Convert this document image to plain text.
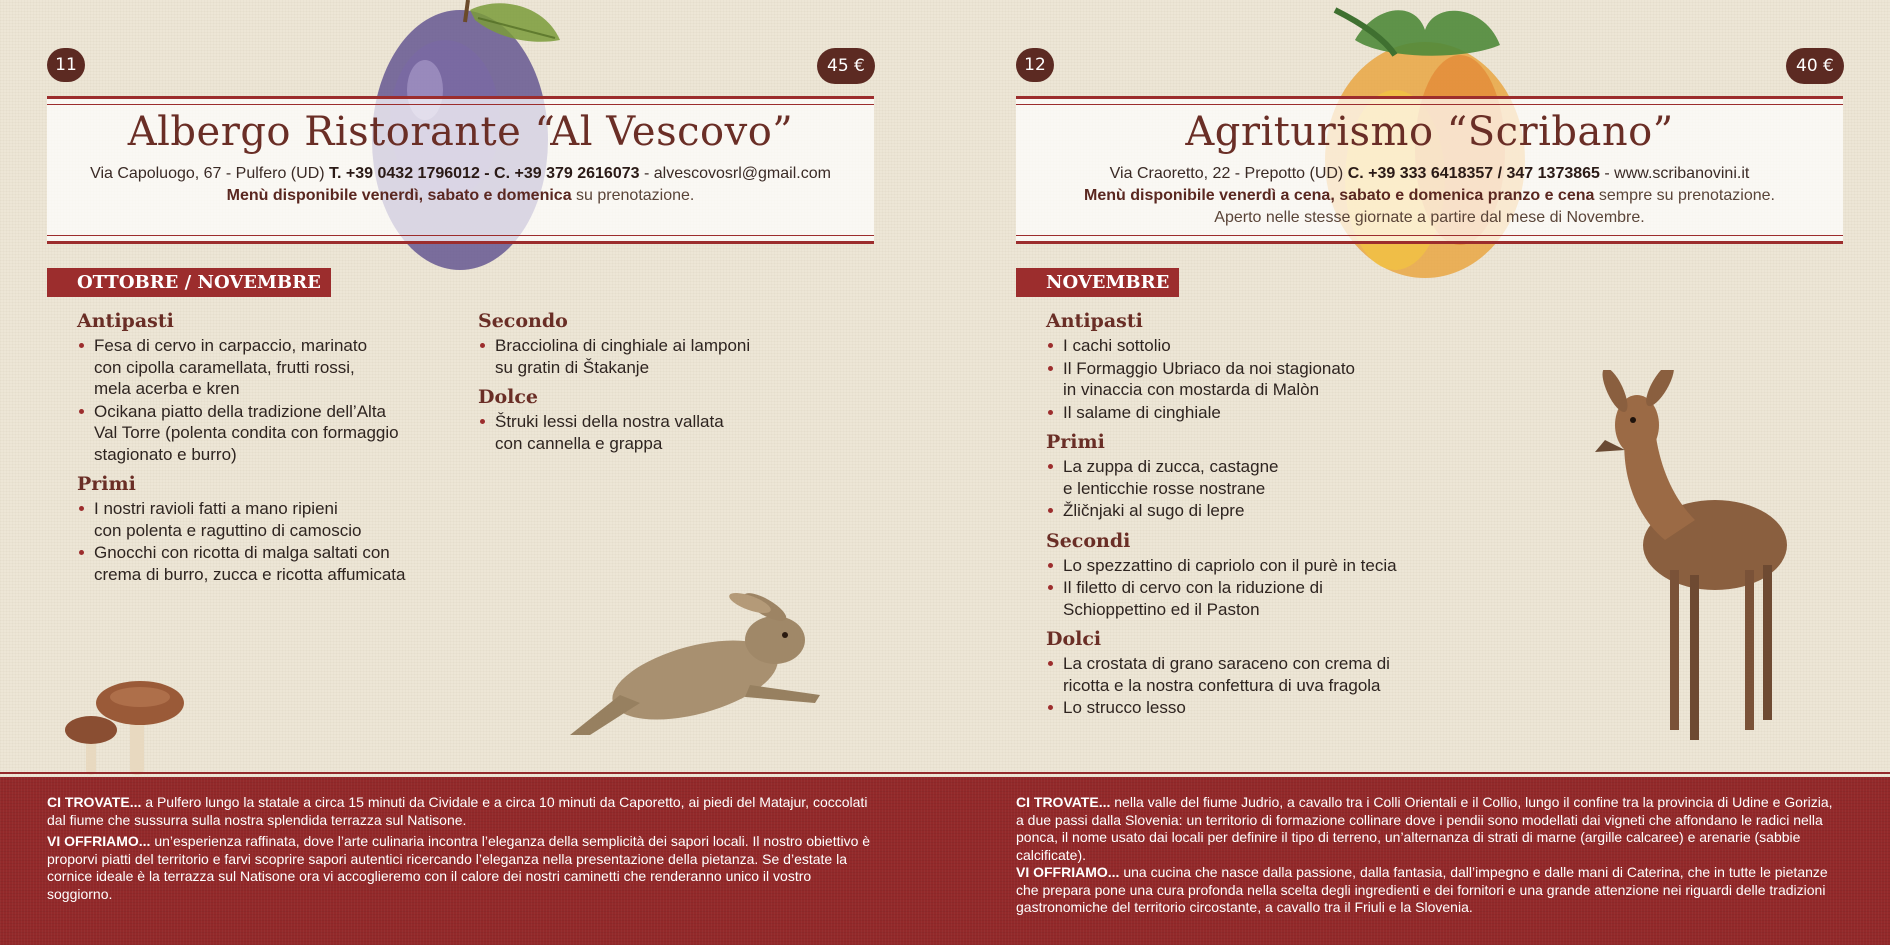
11	45 €
Albergo Ristorante “Al Vescovo”
Via Capoluogo, 67 - Pulfero (UD) T. +39 0432 1796012 - C. +39 379 2616073 - alvescovosrl@gmail.com
Menù disponibile venerdì, sabato e domenica su prenotazione.
OTTOBRE / NOVEMBRE
Antipasti
Fesa di cervo in carpaccio, marinato
con cipolla caramellata, frutti rossi,
mela acerba e kren
Ocikana piatto della tradizione dell’Alta
Val Torre (polenta condita con formaggio
stagionato e burro)
Primi
I nostri ravioli fatti a mano ripieni
con polenta e raguttino di camoscio
Gnocchi con ricotta di malga saltati con
crema di burro, zucca e ricotta affumicata
Secondo
Bracciolina di cinghiale ai lamponi
su gratin di Štakanje
Dolce
Štruki lessi della nostra vallata
con cannella e grappa
12	40 €
Agriturismo “Scribano”
Via Craoretto, 22 - Prepotto (UD) C. +39 333 6418357 / 347 1373865 - www.scribanovini.it
Menù disponibile venerdì a cena, sabato e domenica pranzo e cena sempre su prenotazione.
Aperto nelle stesse giornate a partire dal mese di Novembre.
NOVEMBRE
Antipasti
I cachi sottolio
Il Formaggio Ubriaco da noi stagionato
in vinaccia con mostarda di Malòn
Il salame di cinghiale
Primi
La zuppa di zucca, castagne
e lenticchie rosse nostrane
Žličnjaki al sugo di lepre
Secondi
Lo spezzattino di capriolo con il purè in tecia
Il filetto di cervo con la riduzione di
Schioppettino ed il Paston
Dolci
La crostata di grano saraceno con crema di
ricotta e la nostra confettura di uva fragola
Lo strucco lesso

CI TROVATE... a Pulfero lungo la statale a circa 15 minuti da Cividale e a circa 10 minuti da Caporetto, ai piedi del Matajur, coccolati dal fiume che sussurra sulla nostra splendida terrazza sul Natisone.

VI OFFRIAMO... un’esperienza raffinata, dove l’arte culinaria incontra l’eleganza della semplicità dei sapori locali. Il nostro obiettivo è proporvi piatti del territorio e farvi scoprire sapori autentici ricercando l’eleganza nella presentazione della pietanza. Se d’estate la cornice ideale è la terrazza sul Natisone ora vi accoglieremo con il calore dei nostri caminetti che renderanno unico il vostro soggiorno.

CI TROVATE... nella valle del fiume Judrio, a cavallo tra i Colli Orientali e il Collio, lungo il confine tra la provincia di Udine e Gorizia, a due passi dalla Slovenia: un territorio di formazione collinare dove i pendii sono modellati dai vigneti che affondano le radici nella ponca, il nome usato dai locali per definire il tipo di terreno, un’alternanza di strati di marne (argille calcaree) e arenarie (sabbie calcificate).

VI OFFRIAMO... una cucina che nasce dalla passione, dalla fantasia, dall’impegno e dalle mani di Caterina, che in tutte le pietanze che prepara pone una cura profonda nella scelta degli ingredienti e dei fornitori e una grande attenzione nei riguardi delle tradizioni gastronomiche del territorio circostante, a cavallo tra il Friuli e la Slovenia.
